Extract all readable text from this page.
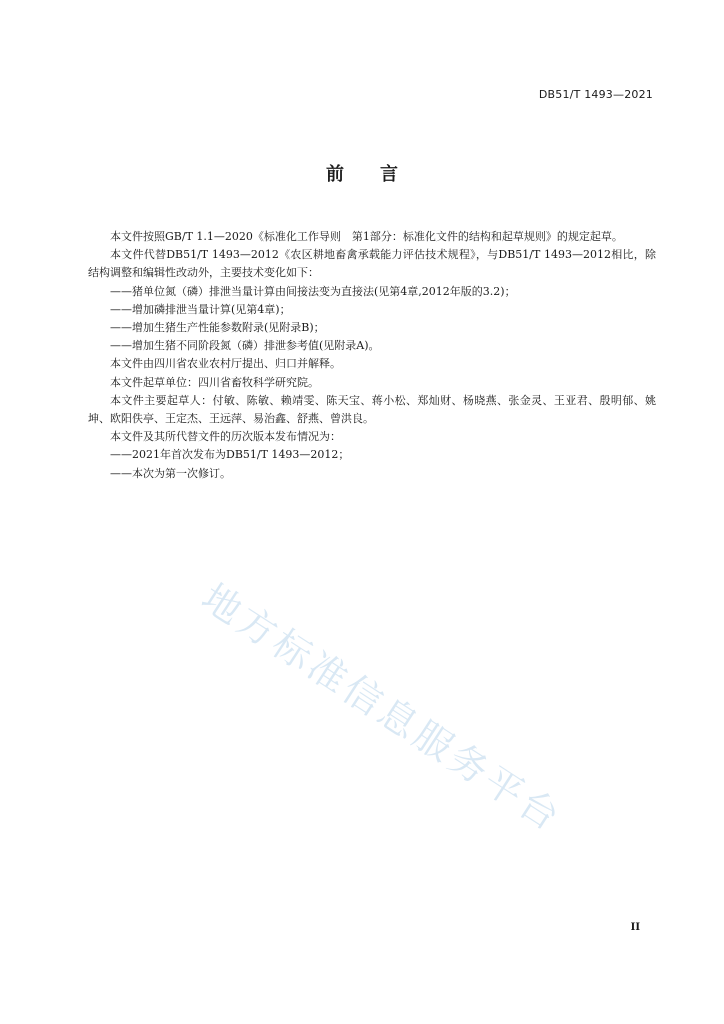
DB51/T 1493—2021
前 言

本文件按照GB/T 1.1—2020《标准化工作导则　第1部分：标准化文件的结构和起草规则》的规定起草。

本文件代替DB51/T 1493—2012《农区耕地畜禽承载能力评估技术规程》，与DB51/T 1493—2012相比，除结构调整和编辑性改动外，主要技术变化如下：

——猪单位氮（磷）排泄当量计算由间接法变为直接法(见第4章,2012年版的3.2)；

——增加磷排泄当量计算(见第4章)；

——增加生猪生产性能参数附录(见附录B)；

——增加生猪不同阶段氮（磷）排泄参考值(见附录A)。

本文件由四川省农业农村厅提出、归口并解释。

本文件起草单位：四川省畜牧科学研究院。

本文件主要起草人：付敏、陈敏、赖靖雯、陈天宝、蒋小松、郑灿财、杨晓燕、张金灵、王亚君、殷明郁、姚坤、欧阳佚亭、王定杰、王远萍、易治鑫、舒燕、曾洪良。

本文件及其所代替文件的历次版本发布情况为：

——2021年首次发布为DB51/T 1493—2012；

——本次为第一次修订。

地方标准信息服务平台
II
